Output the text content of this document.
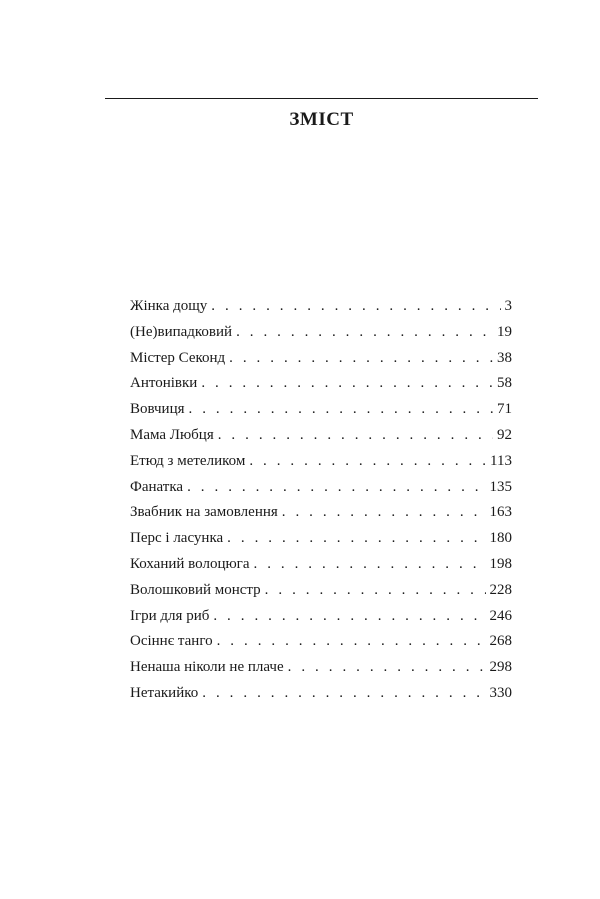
ЗМІСТ
Жінка дощу . . .	3
(Не)випадковий . . .	19
Містер Секонд . . .	38
Антонівки . . .	58
Вовчиця . . .	71
Мама Любця . . .	92
Етюд з метеликом . . .	113
Фанатка . . .	135
Звабник на замовлення . . .	163
Перс і ласунка . . .	180
Коханий волоцюга . . .	198
Волошковий монстр . . .	228
Ігри для риб . . .	246
Осіннє танго . . .	268
Ненаша ніколи не плаче . . .	298
Нетакийко . . .	330
